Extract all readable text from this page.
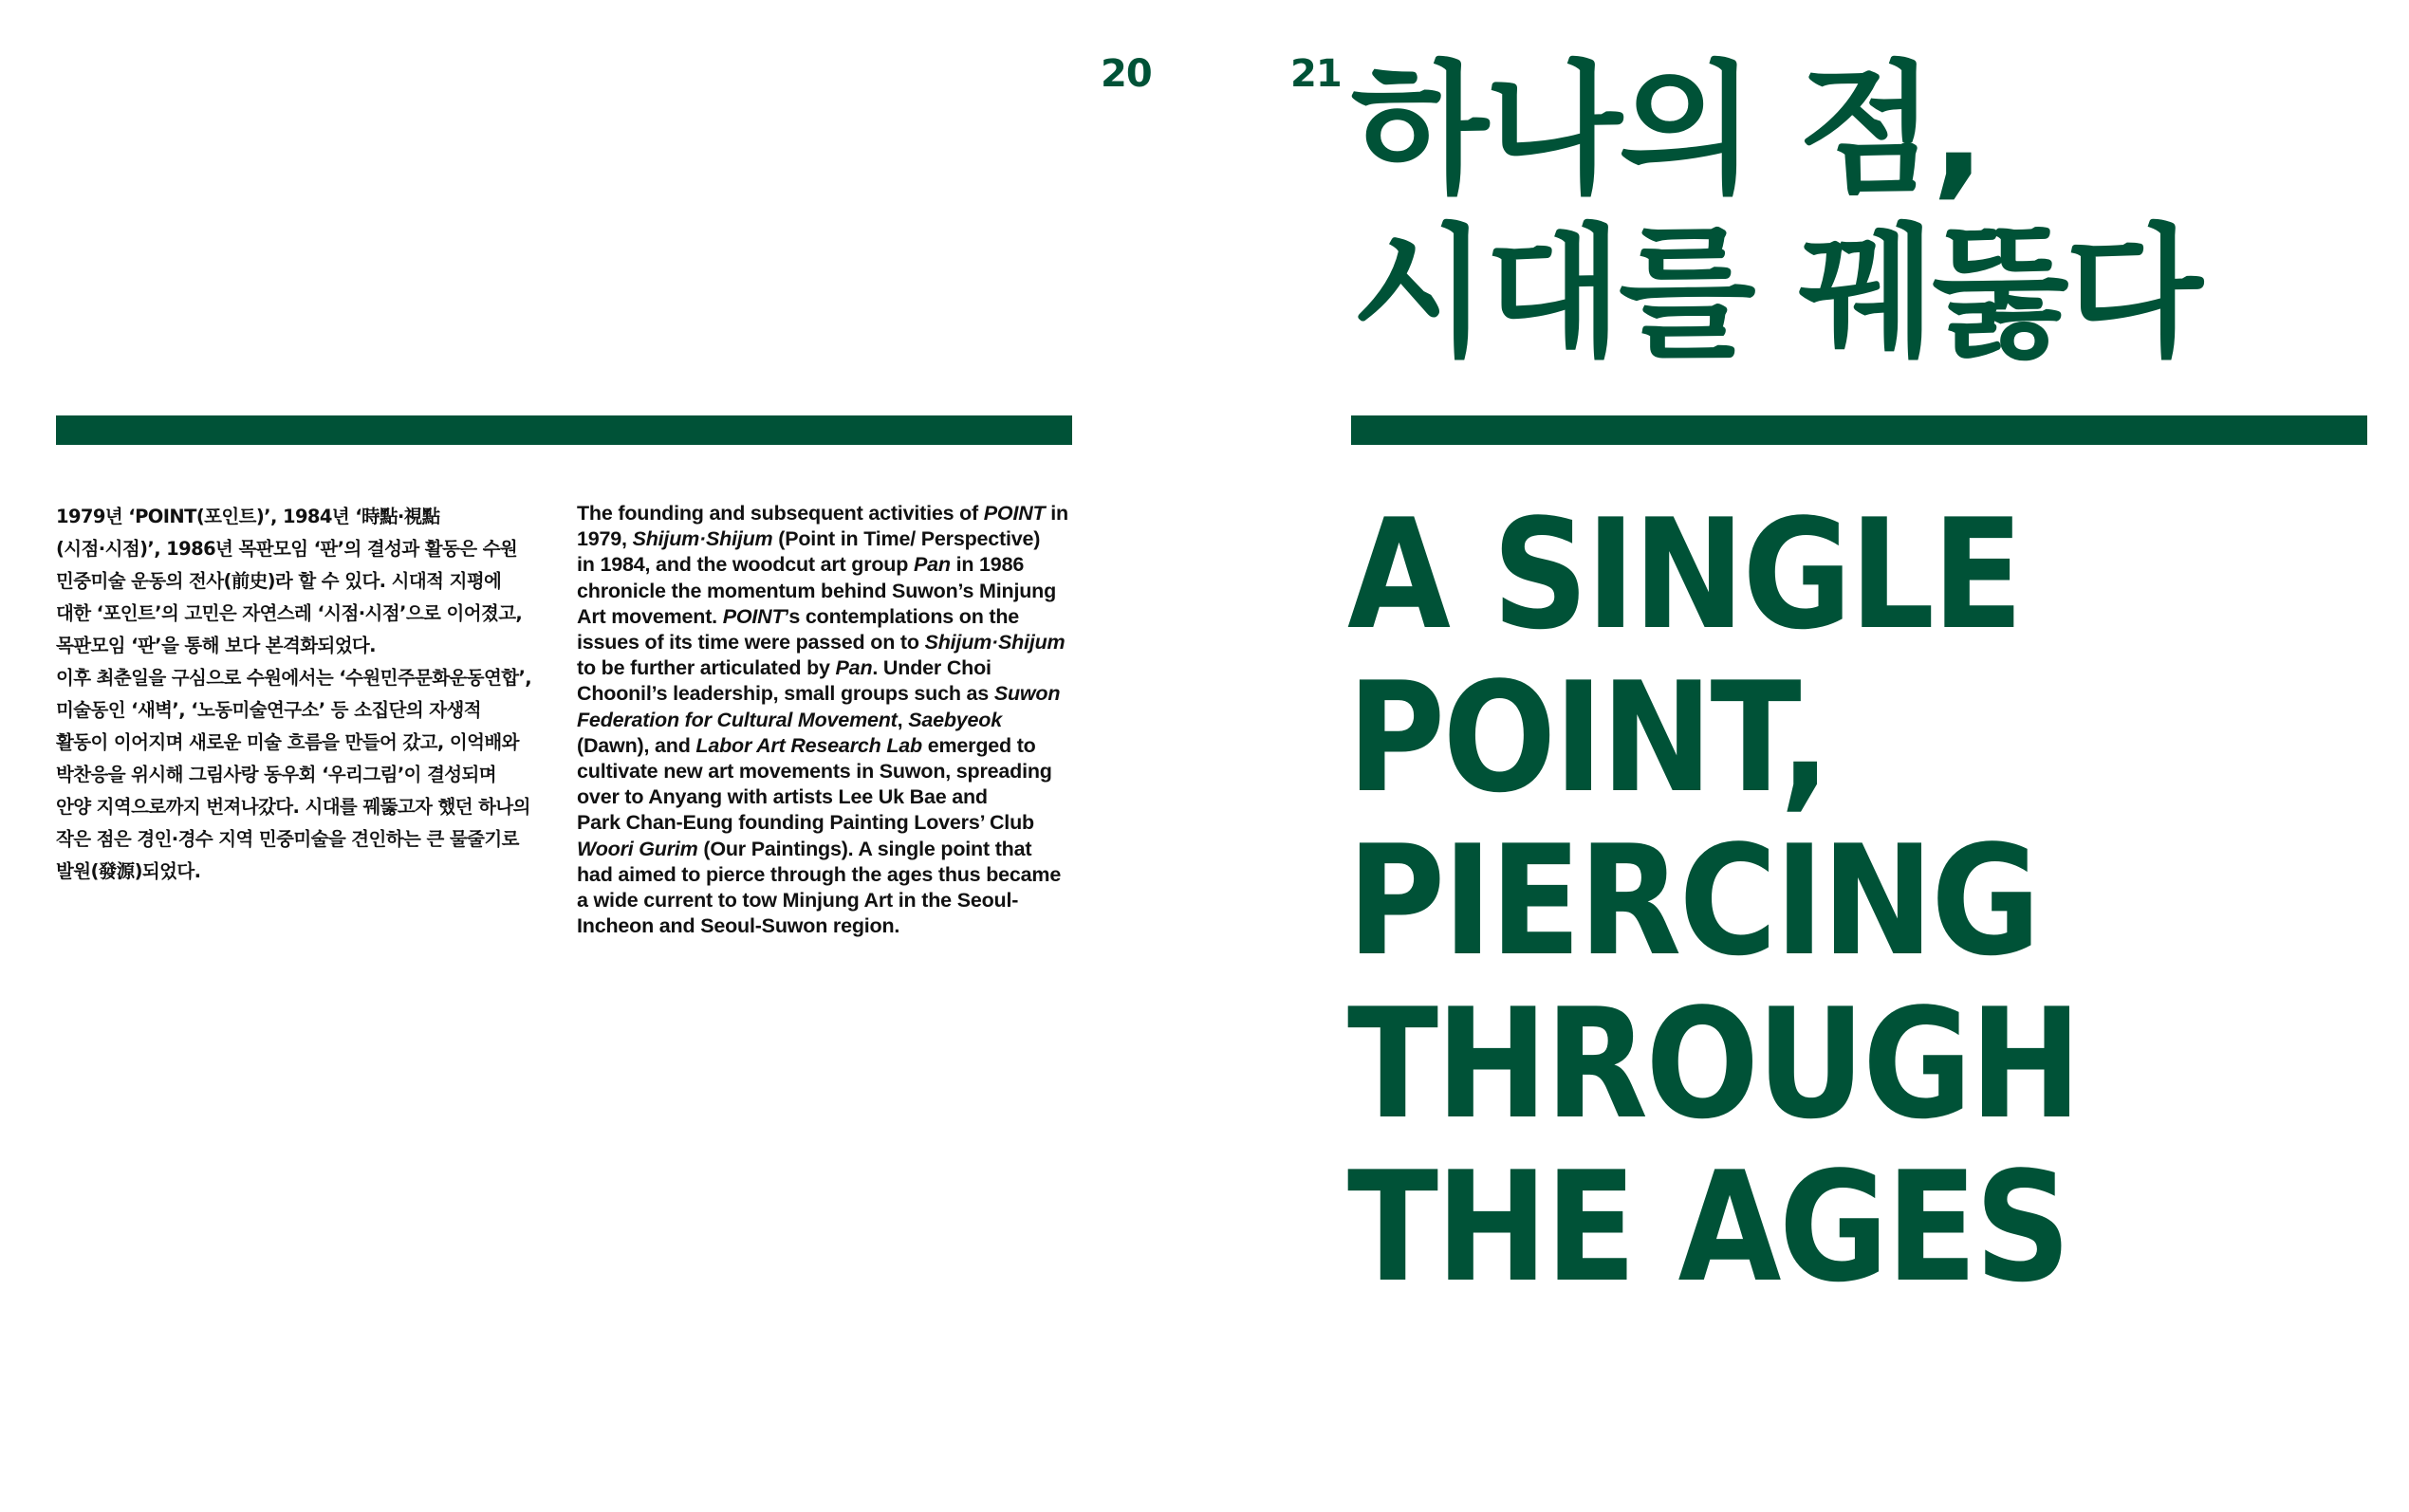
20	21 하나의 점,
시대를 꿰뚫다
1979년 ‘POINT(포인트)’, 1984년 ‘時點·視點
(시점·시점)’, 1986년 목판모임 ‘판’의 결성과 활동은 수원
민중미술 운동의 전사(前史)라 할 수 있다. 시대적 지평에
대한 ‘포인트’의 고민은 자연스레 ‘시점·시점’으로 이어졌고,
목판모임 ‘판’을 통해 보다 본격화되었다.
이후 최춘일을 구심으로 수원에서는 ‘수원민주문화운동연합’,
미술동인 ‘새벽’, ‘노동미술연구소’ 등 소집단의 자생적
활동이 이어지며 새로운 미술 흐름을 만들어 갔고, 이억배와
박찬응을 위시해 그림사랑 동우회 ‘우리그림’이 결성되며
안양 지역으로까지 번져나갔다. 시대를 꿰뚫고자 했던 하나의
작은 점은 경인·경수 지역 민중미술을 견인하는 큰 물줄기로
발원(發源)되었다.
The founding and subsequent activities of POINT in
1979, Shijum·Shijum (Point in Time/ Perspective)
in 1984, and the woodcut art group Pan in 1986
chronicle the momentum behind Suwon’s Minjung
Art movement. POINT’s contemplations on the
issues of its time were passed on to Shijum·Shijum
to be further articulated by Pan. Under Choi
Choonil’s leadership, small groups such as Suwon
Federation for Cultural Movement, Saebyeok
(Dawn), and Labor Art Research Lab emerged to
cultivate new art movements in Suwon, spreading
over to Anyang with artists Lee Uk Bae and
Park Chan-Eung founding Painting Lovers’ Club
Woori Gurim (Our Paintings). A single point that
had aimed to pierce through the ages thus became
a wide current to tow Minjung Art in the Seoul-
Incheon and Seoul-Suwon region.
A SINGLE
POINT,
PIERCING
THROUGH
THE AGES
